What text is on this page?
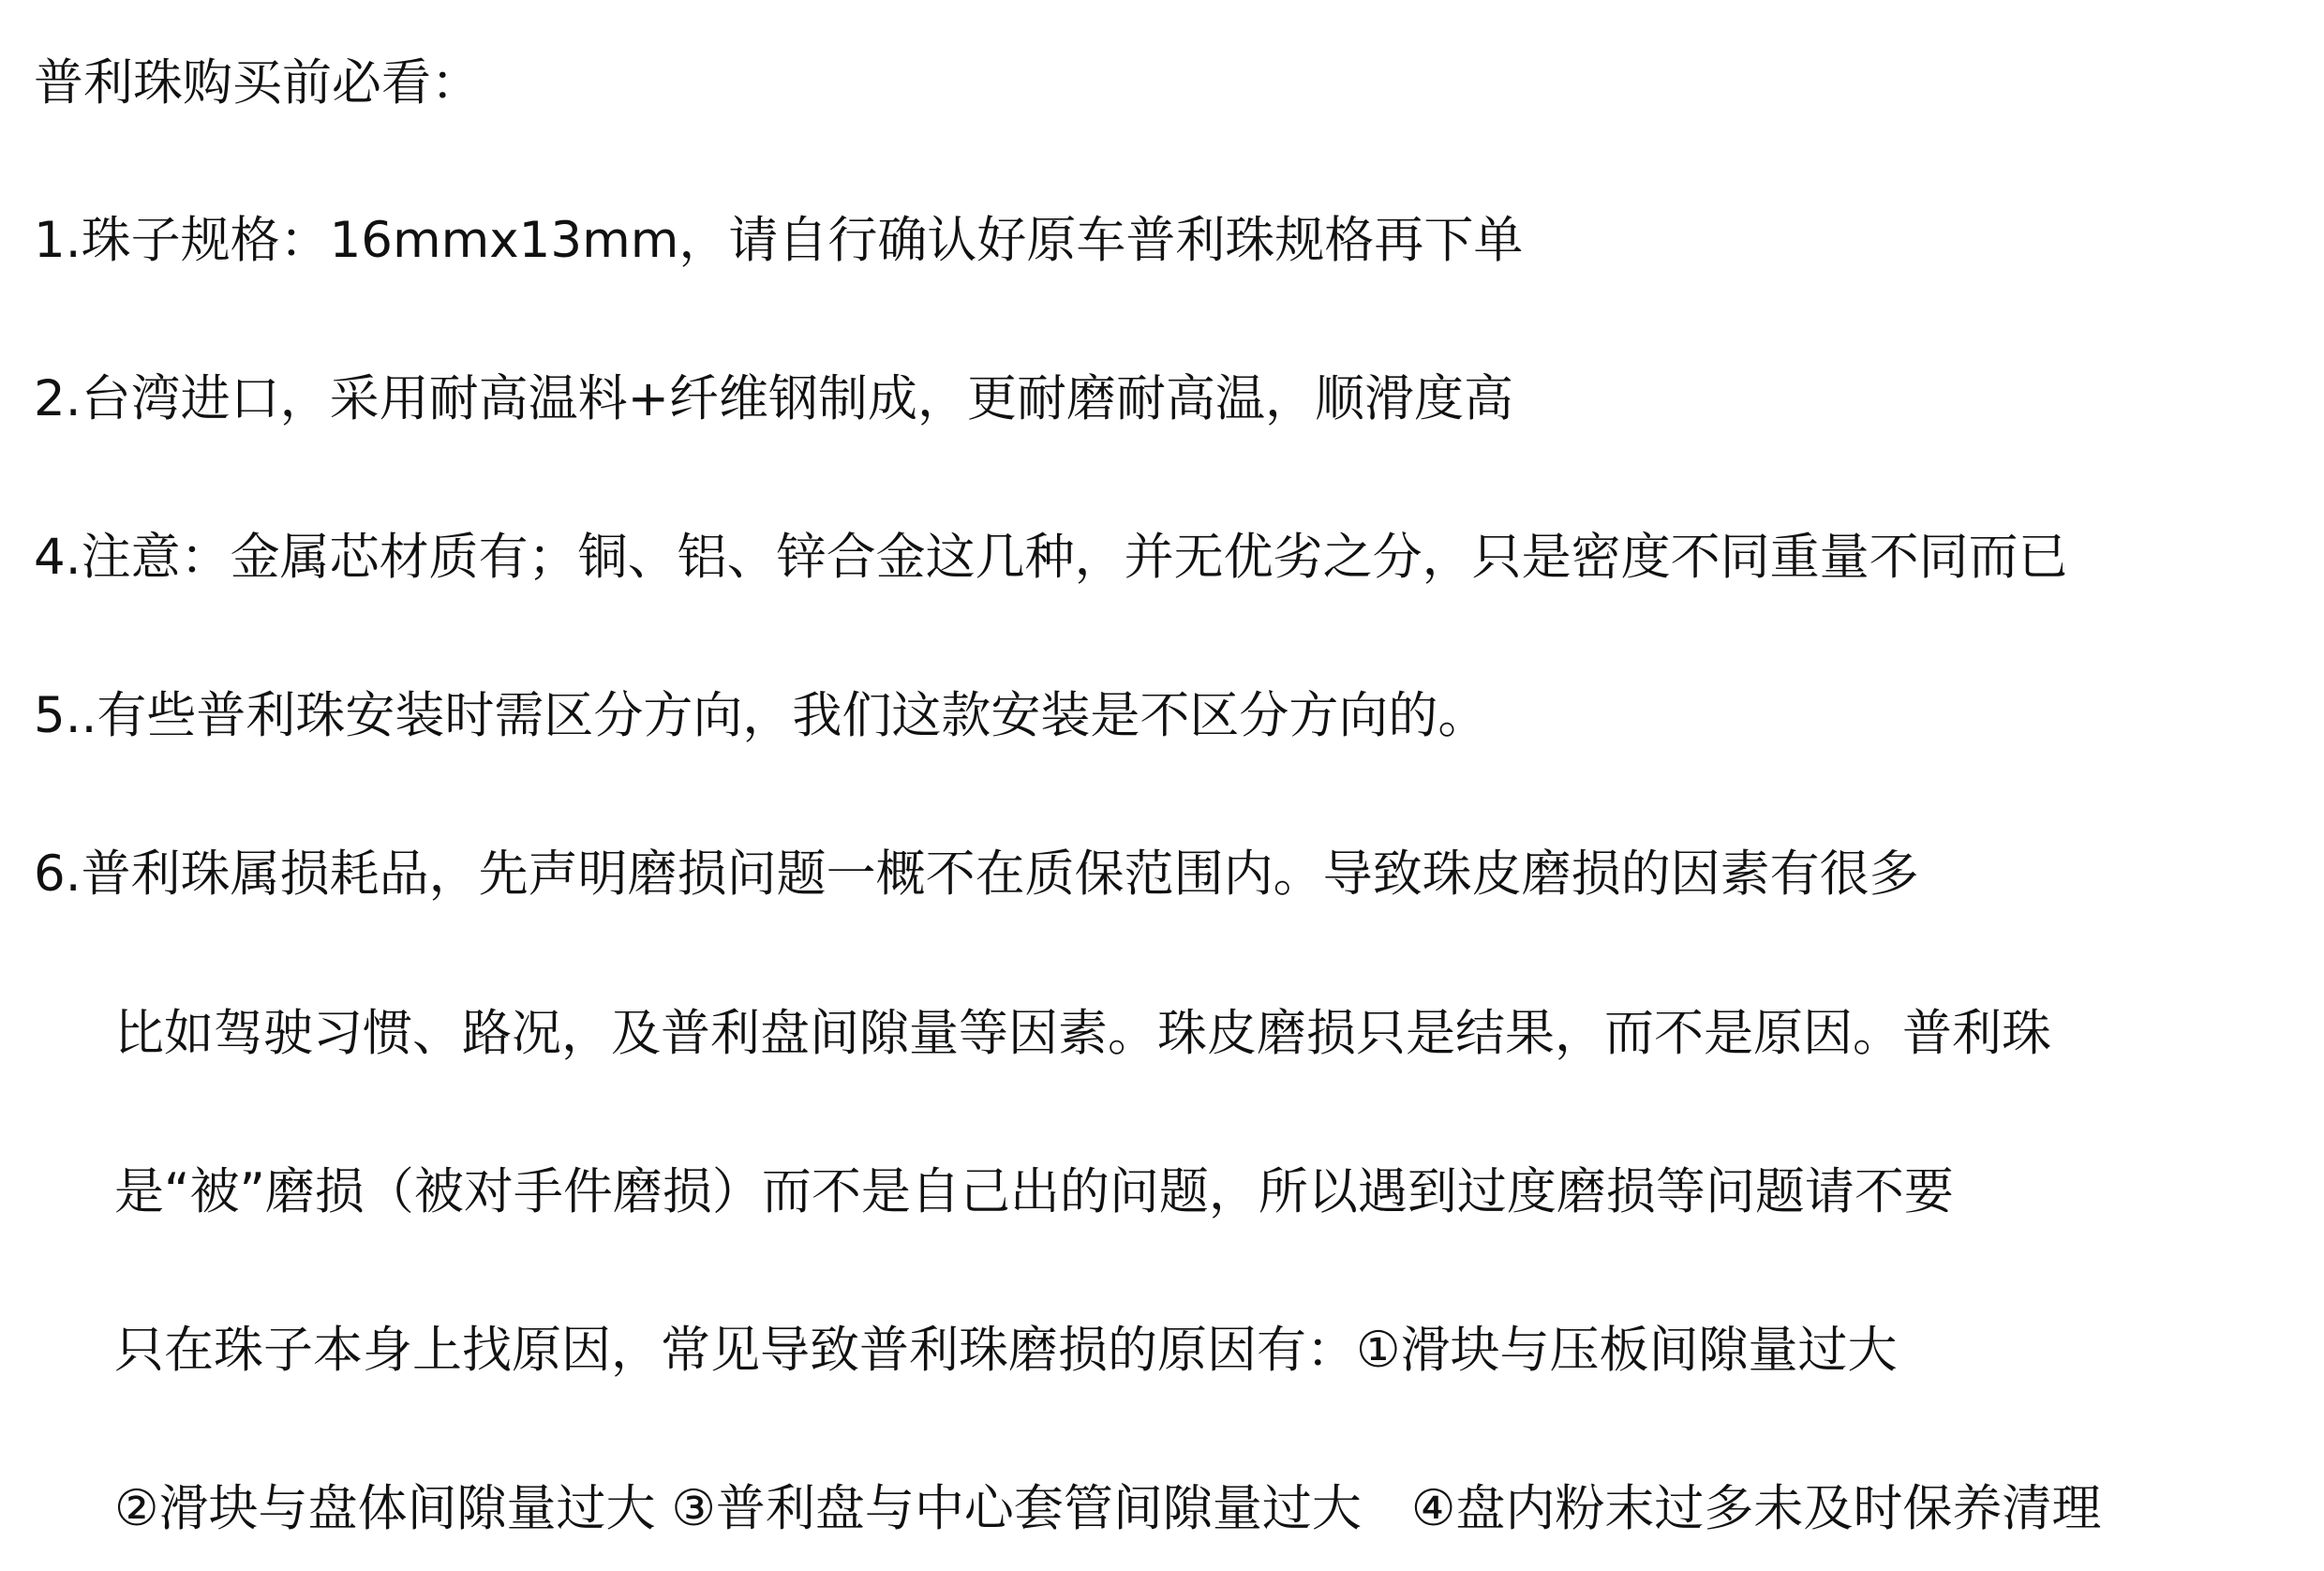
普利珠购买前必看：
1.珠子规格：16mmx13mm，请自行确认好原车普利珠规格再下单
2.台湾进口，采用耐高温料+纤维钢制成，更耐磨耐高温，顺滑度高
4.注意：金属芯材质有；铜、铝、锌合金这几种，并无优劣之分，只是密度不同重量不同而已
5..有些普利珠安装时需区分方向，我们这款安装是不区分方向的。
6.普利珠属损耗品，先声明磨损问题一概不在质保范围内。导致珠皮磨损的因素有很多
比如驾驶习惯、路况，及普利盘间隙量等因素。珠皮磨损只是结果，而不是原因。普利珠
是“被”磨损（被对手件磨损）而不是自己出的问题，所以遇到过度磨损等问题请不要
只在珠子本身上找原因，常见导致普利珠磨损的原因有：①滑块与压板间隙量过大
②滑块与盘体间隙量过大 ③普利盘与中心套管间隙量过大　④盘内粉末过多未及时保养清理
